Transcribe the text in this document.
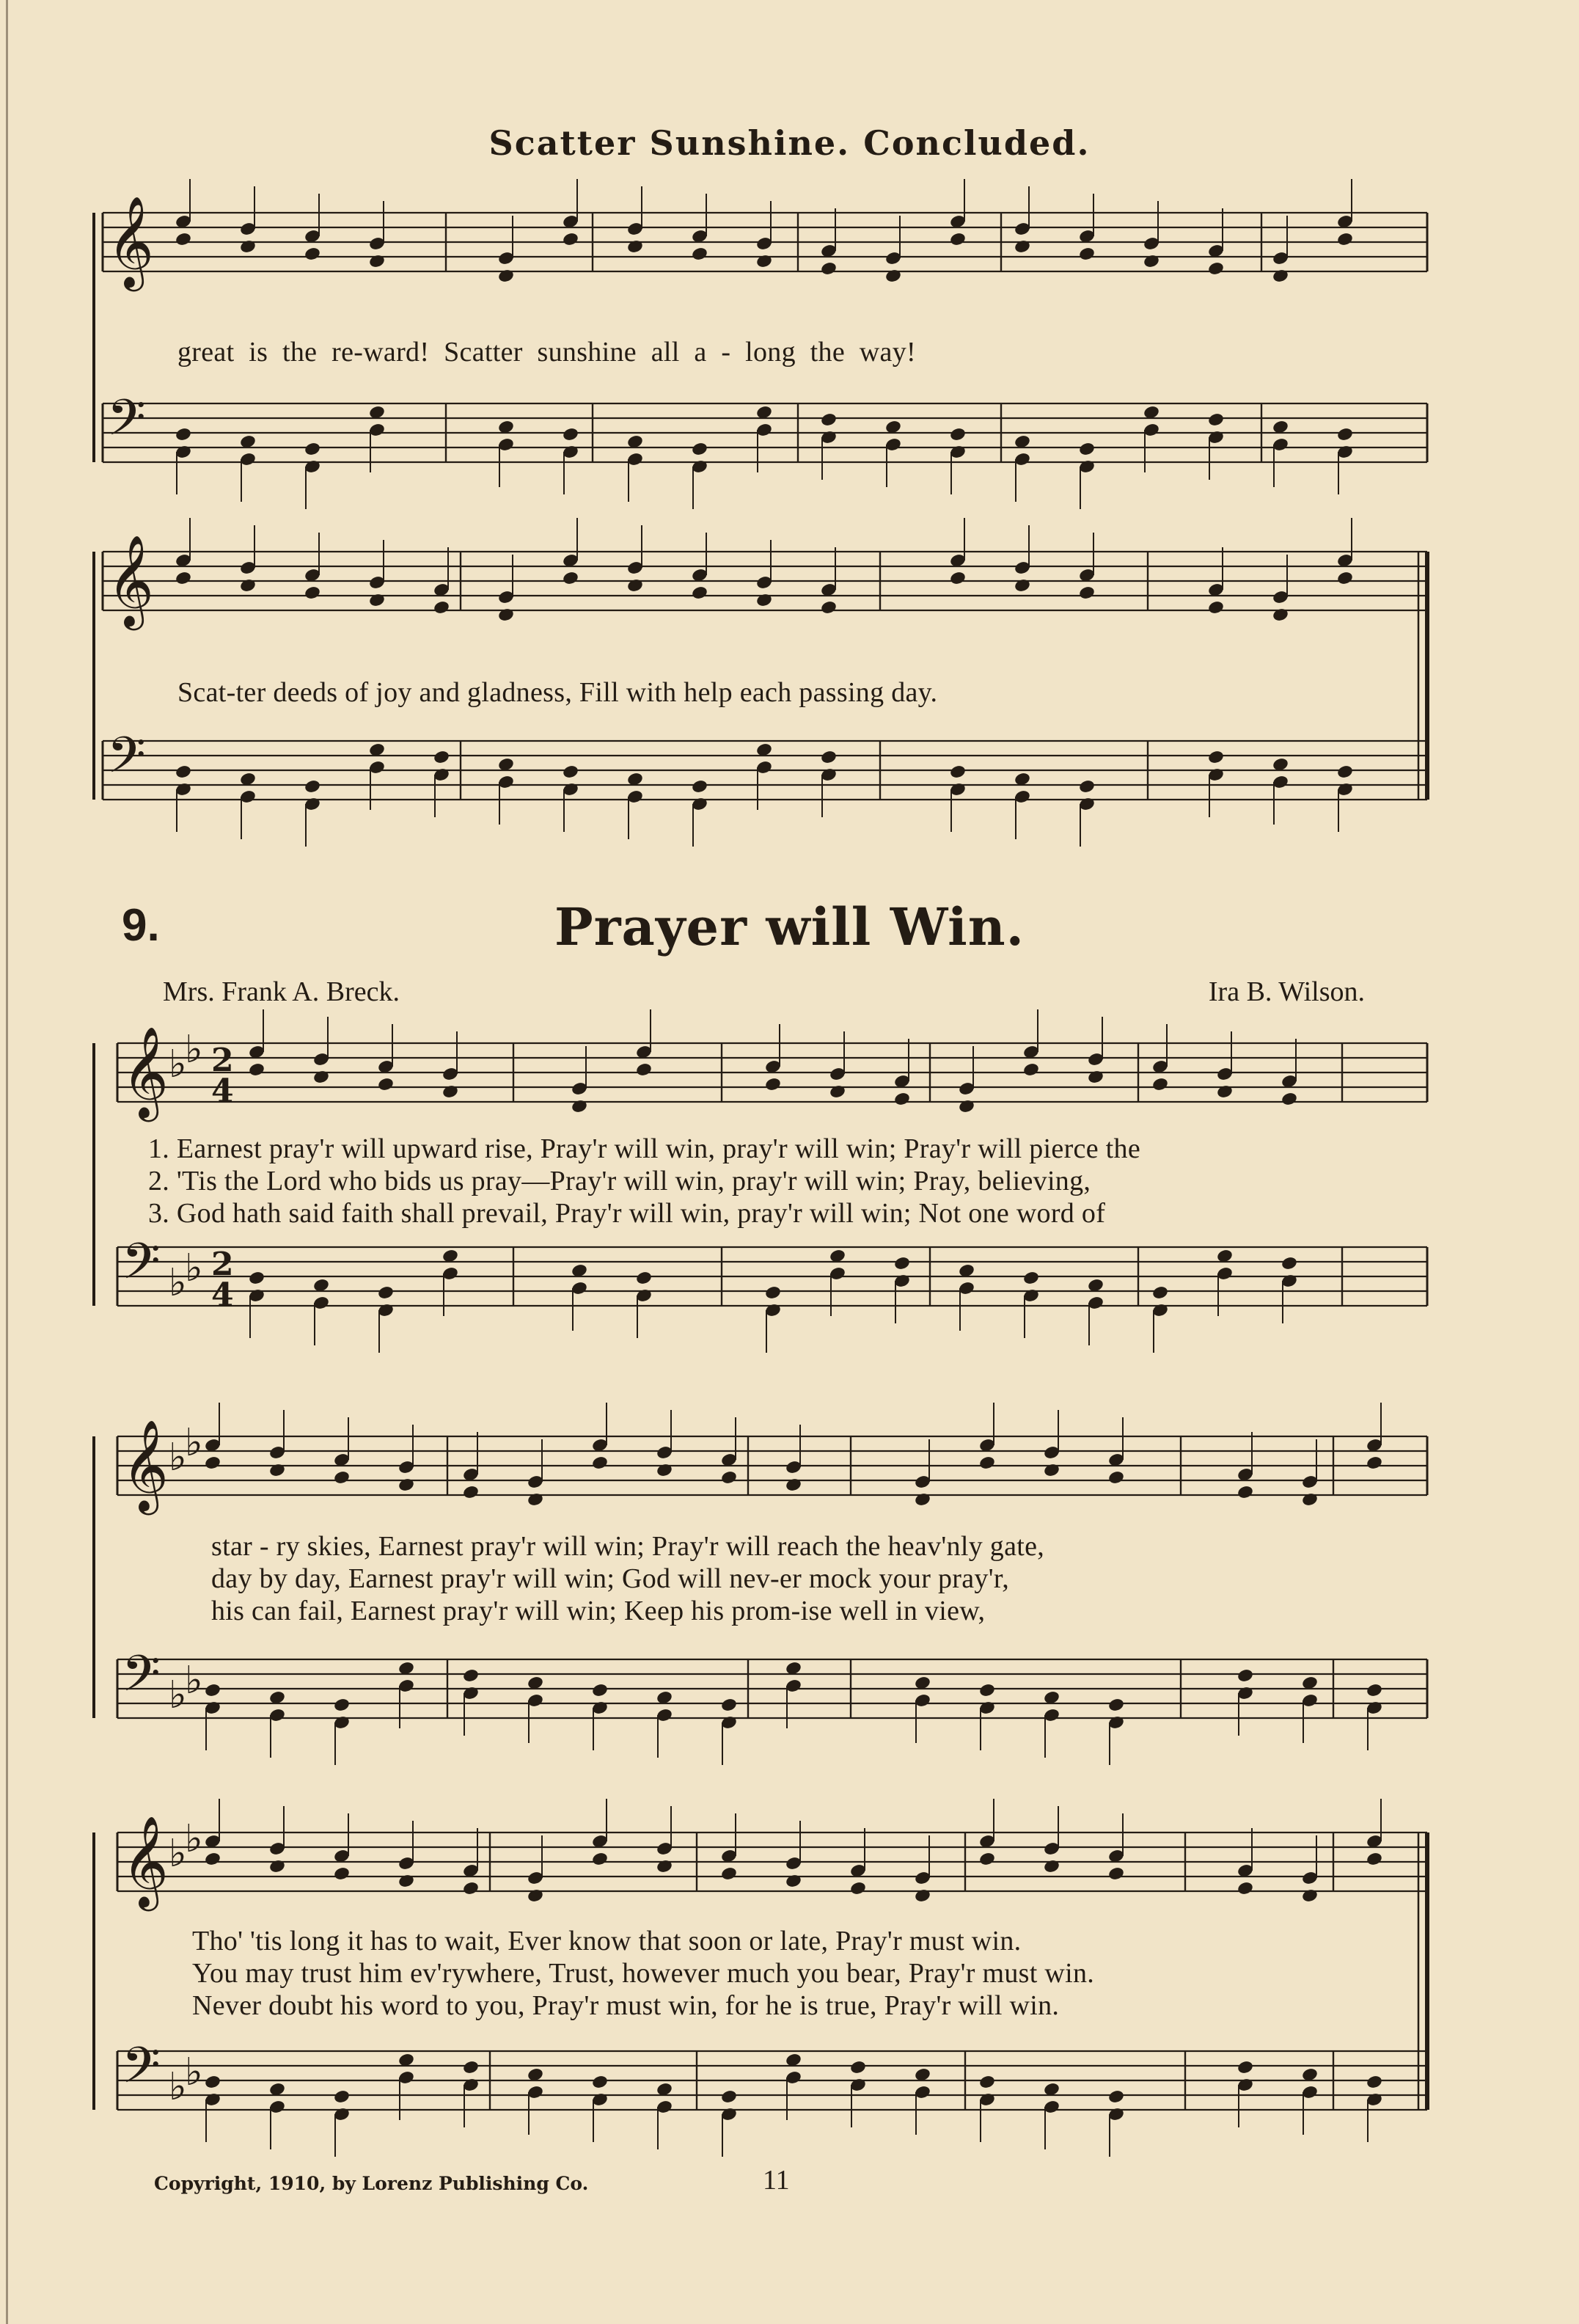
𝄞
𝄢
𝄞
𝄢
𝄞 ♭
♭ 2
4
𝄢 ♭
♭ 2
4
𝄞 ♭
♭
𝄢 ♭
♭
𝄞 ♭
♭
𝄢 ♭
♭
Scatter Sunshine. Concluded.
great is the re-ward! Scatter sunshine all a - long the way!
Scat-ter deeds of joy and gladness, Fill with help each passing day.
9.	Prayer will Win.
Mrs. Frank A. Breck.	Ira B. Wilson.
1. Earnest pray'r will upward rise, Pray'r will win, pray'r will win; Pray'r will pierce the
2. 'Tis the Lord who bids us pray—Pray'r will win, pray'r will win; Pray, believing,
3. God hath said faith shall prevail, Pray'r will win, pray'r will win; Not one word of
star - ry skies, Earnest pray'r will win; Pray'r will reach the heav'nly gate,
day by day, Earnest pray'r will win; God will nev-er mock your pray'r,
his can fail, Earnest pray'r will win; Keep his prom-ise well in view,
Tho' 'tis long it has to wait, Ever know that soon or late, Pray'r must win.
You may trust him ev'rywhere, Trust, however much you bear, Pray'r must win.
Never doubt his word to you, Pray'r must win, for he is true, Pray'r will win.
Copyright, 1910, by Lorenz Publishing Co.	11
